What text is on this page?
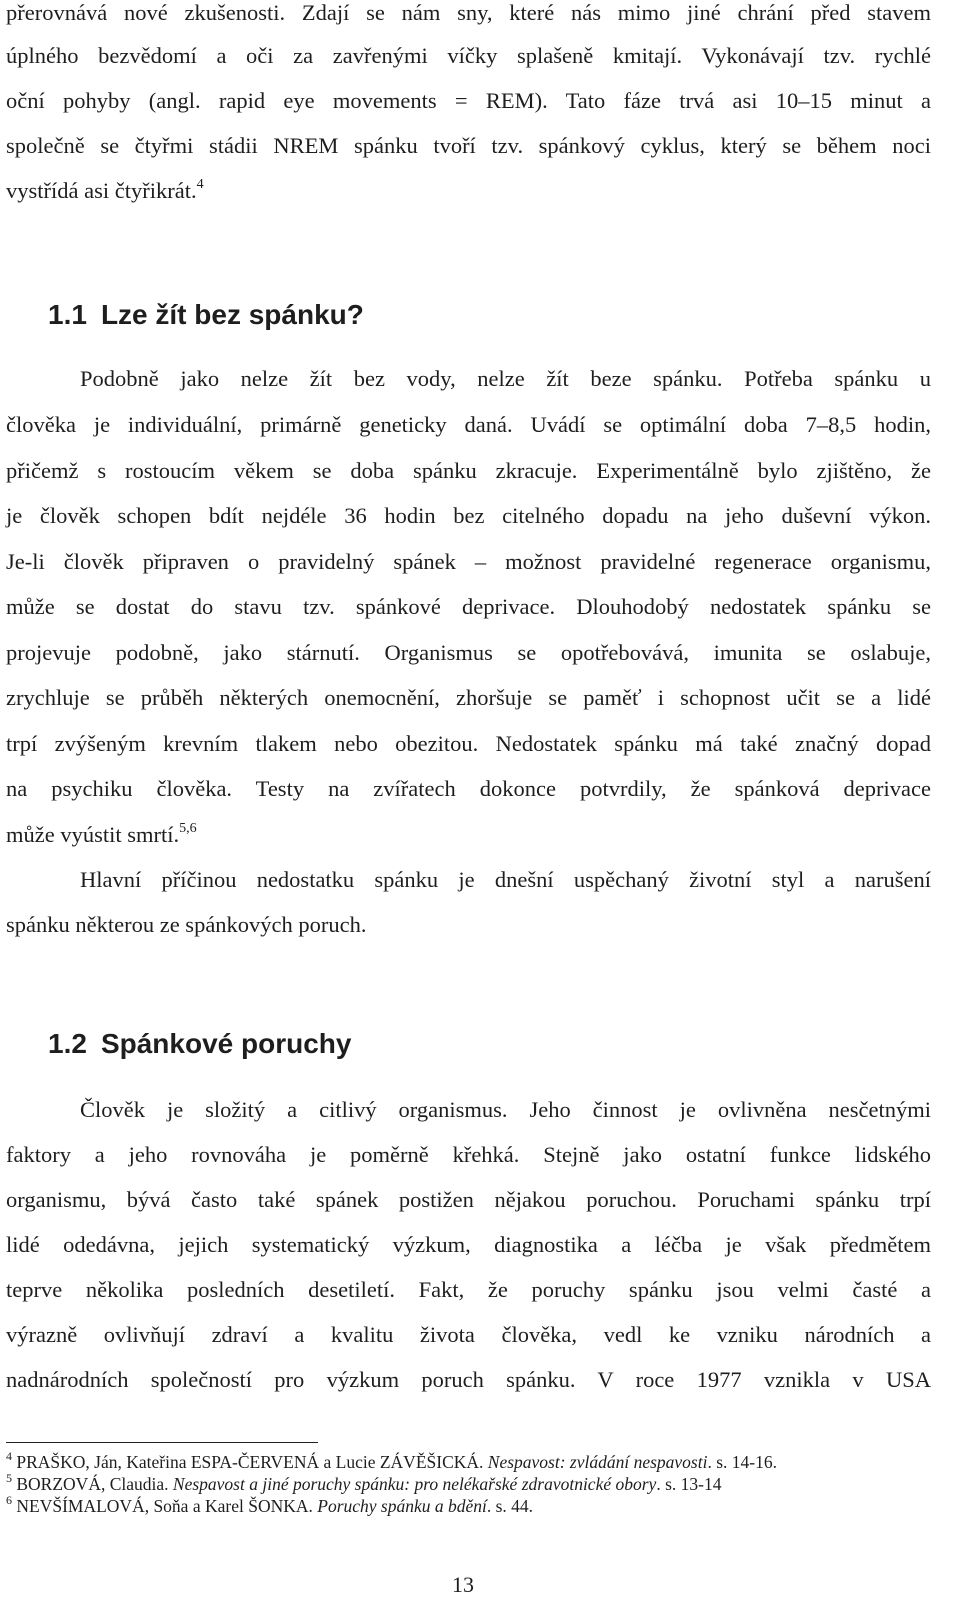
přerovnává nové zkušenosti. Zdají se nám sny, které nás mimo jiné chrání před stavem
úplného bezvědomí a oči za zavřenými víčky splašeně kmitají. Vykonávají tzv. rychlé
oční pohyby (angl. rapid eye movements = REM). Tato fáze trvá asi 10–15 minut a
společně se čtyřmi stádii NREM spánku tvoří tzv. spánkový cyklus, který se během noci
vystřídá asi čtyřikrát.$^4$
1.1 Lze žít bez spánku?
Podobně jako nelze žít bez vody, nelze žít beze spánku. Potřeba spánku u
člověka je individuální, primárně geneticky daná. Uvádí se optimální doba 7–8,5 hodin,
přičemž s rostoucím věkem se doba spánku zkracuje. Experimentálně bylo zjištěno, že
je člověk schopen bdít nejdéle 36 hodin bez citelného dopadu na jeho duševní výkon.
Je-li člověk připraven o pravidelný spánek – možnost pravidelné regenerace organismu,
může se dostat do stavu tzv. spánkové deprivace. Dlouhodobý nedostatek spánku se
projevuje podobně, jako stárnutí. Organismus se opotřebovává, imunita se oslabuje,
zrychluje se průběh některých onemocnění, zhoršuje se paměť i schopnost učit se a lidé
trpí zvýšeným krevním tlakem nebo obezitou. Nedostatek spánku má také značný dopad
na psychiku člověka. Testy na zvířatech dokonce potvrdily, že spánková deprivace
může vyústit smrtí.$^{5,6}$
Hlavní příčinou nedostatku spánku je dnešní uspěchaný životní styl a narušení
spánku některou ze spánkových poruch.
1.2 Spánkové poruchy
Člověk je složitý a citlivý organismus. Jeho činnost je ovlivněna nesčetnými
faktory a jeho rovnováha je poměrně křehká. Stejně jako ostatní funkce lidského
organismu, bývá často také spánek postižen nějakou poruchou. Poruchami spánku trpí
lidé odedávna, jejich systematický výzkum, diagnostika a léčba je však předmětem
teprve několika posledních desetiletí. Fakt, že poruchy spánku jsou velmi časté a
výrazně ovlivňují zdraví a kvalitu života člověka, vedl ke vzniku národních a
nadnárodních společností pro výzkum poruch spánku. V roce 1977 vznikla v USA
$^4$ PRAŠKO, Ján, Kateřina ESPA-ČERVENÁ a Lucie ZÁVĚŠICKÁ. Nespavost: zvládání nespavosti. s. 14-16.
$^5$ BORZOVÁ, Claudia. Nespavost a jiné poruchy spánku: pro nelékařské zdravotnické obory. s. 13-14
$^6$ NEVŠÍMALOVÁ, Soňa a Karel ŠONKA. Poruchy spánku a bdění. s. 44.
13
